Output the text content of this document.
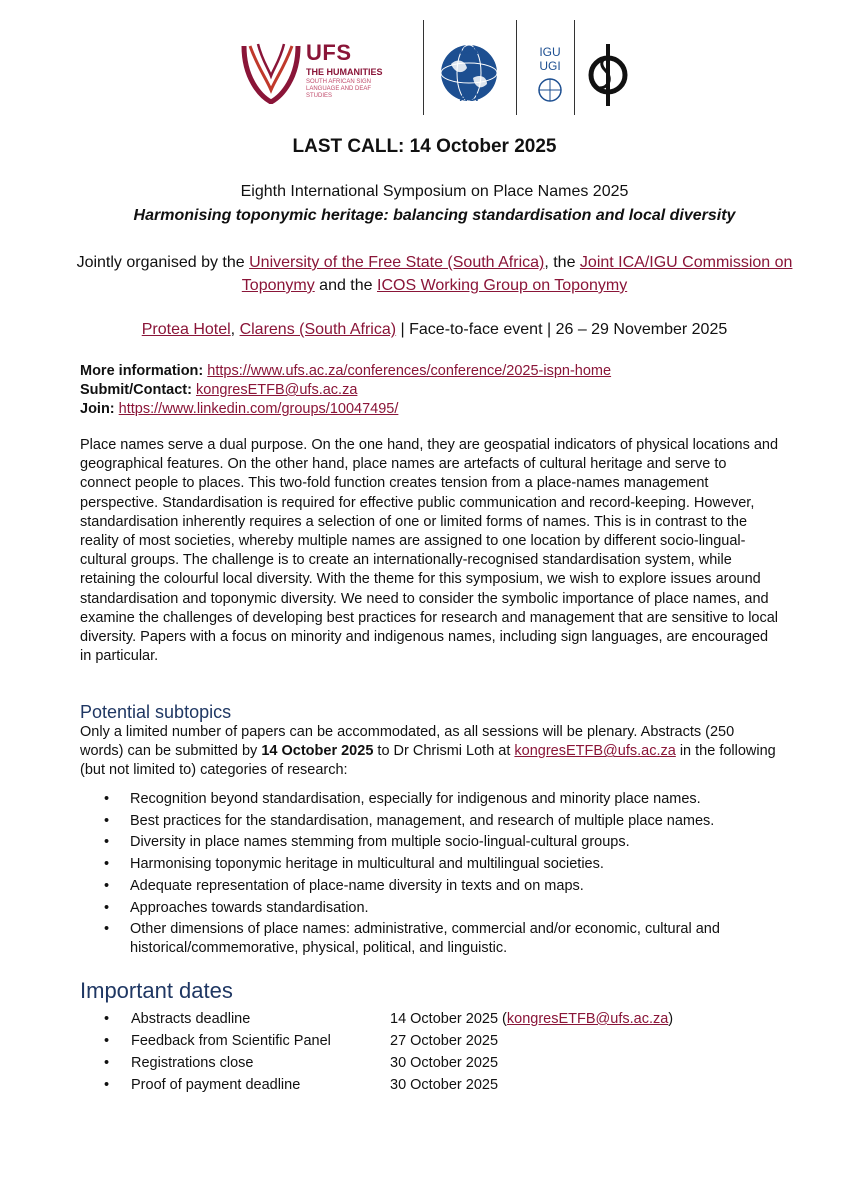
UFS
THE HUMANITIES
SOUTH AFRICAN SIGN LANGUAGE AND DEAF STUDIES
ICA
ACI
IGU
UGI
LAST CALL: 14 October 2025
Eighth International Symposium on Place Names 2025
Harmonising toponymic heritage: balancing standardisation and local diversity
Jointly organised by the University of the Free State (South Africa), the Joint ICA/IGU Commission on Toponymy and the ICOS Working Group on Toponymy
Protea Hotel, Clarens (South Africa) | Face-to-face event | 26 – 29 November 2025
More information: https://www.ufs.ac.za/conferences/conference/2025-ispn-home
Submit/Contact: kongresETFB@ufs.ac.za
Join: https://www.linkedin.com/groups/10047495/

Place names serve a dual purpose. On the one hand, they are geospatial indicators of physical locations and geographical features. On the other hand, place names are artefacts of cultural heritage and serve to connect people to places. This two-fold function creates tension from a place-names management perspective. Standardisation is required for effective public communication and record-keeping. However, standardisation inherently requires a selection of one or limited forms of names. This is in contrast to the reality of most societies, whereby multiple names are assigned to one location by different socio-lingual-cultural groups. The challenge is to create an internationally-recognised standardisation system, while retaining the colourful local diversity. With the theme for this symposium, we wish to explore issues around standardisation and toponymic diversity. We need to consider the symbolic importance of place names, and examine the challenges of developing best practices for research and management that are sensitive to local diversity. Papers with a focus on minority and indigenous names, including sign languages, are encouraged in particular.

Potential subtopics

Only a limited number of papers can be accommodated, as all sessions will be plenary. Abstracts (250 words) can be submitted by 14 October 2025 to Dr Chrismi Loth at kongresETFB@ufs.ac.za in the following (but not limited to) categories of research:

• Recognition beyond standardisation, especially for indigenous and minority place names.
• Best practices for the standardisation, management, and research of multiple place names.
• Diversity in place names stemming from multiple socio-lingual-cultural groups.
• Harmonising toponymic heritage in multicultural and multilingual societies.
• Adequate representation of place-name diversity in texts and on maps.
• Approaches towards standardisation.
• Other dimensions of place names: administrative, commercial and/or economic, cultural and historical/commemorative, physical, political, and linguistic.
Important dates
• Abstracts deadline	14 October 2025 (kongresETFB@ufs.ac.za)
• Feedback from Scientific Panel	27 October 2025
• Registrations close	30 October 2025
• Proof of payment deadline	30 October 2025
